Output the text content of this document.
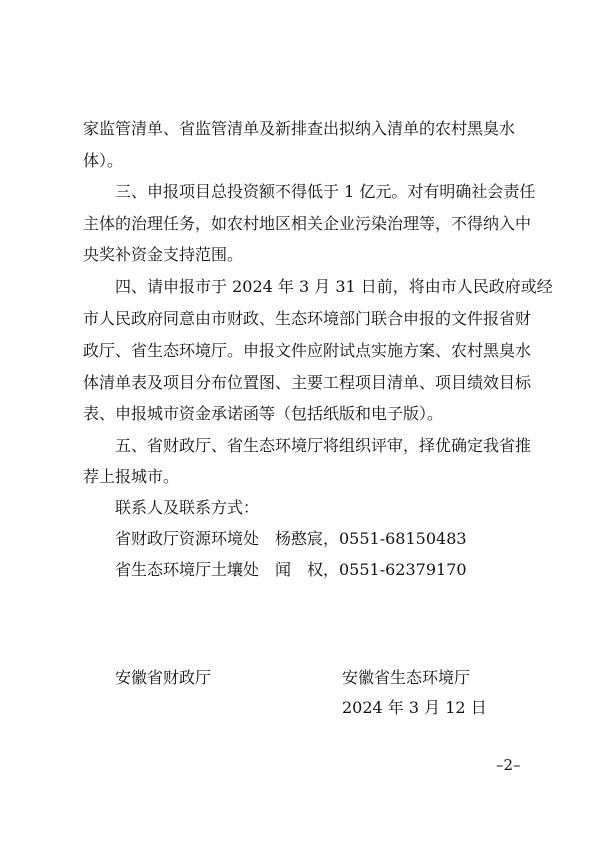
家监管清单、省监管清单及新排查出拟纳入清单的农村黑臭水
体）。
三、申报项目总投资额不得低于 1 亿元。对有明确社会责任
主体的治理任务，如农村地区相关企业污染治理等，不得纳入中
央奖补资金支持范围。
四、请申报市于 2024 年 3 月 31 日前，将由市人民政府或经
市人民政府同意由市财政、生态环境部门联合申报的文件报省财
政厅、省生态环境厅。申报文件应附试点实施方案、农村黑臭水
体清单表及项目分布位置图、主要工程项目清单、项目绩效目标
表、申报城市资金承诺函等（包括纸版和电子版）。
五、省财政厅、省生态环境厅将组织评审，择优确定我省推
荐上报城市。
联系人及联系方式：
省财政厅资源环境处　杨憨宸，0551-68150483
省生态环境厅土壤处　闻　权，0551-62379170
安徽省财政厅	安徽省生态环境厅
2024 年 3 月 12 日
–2–
